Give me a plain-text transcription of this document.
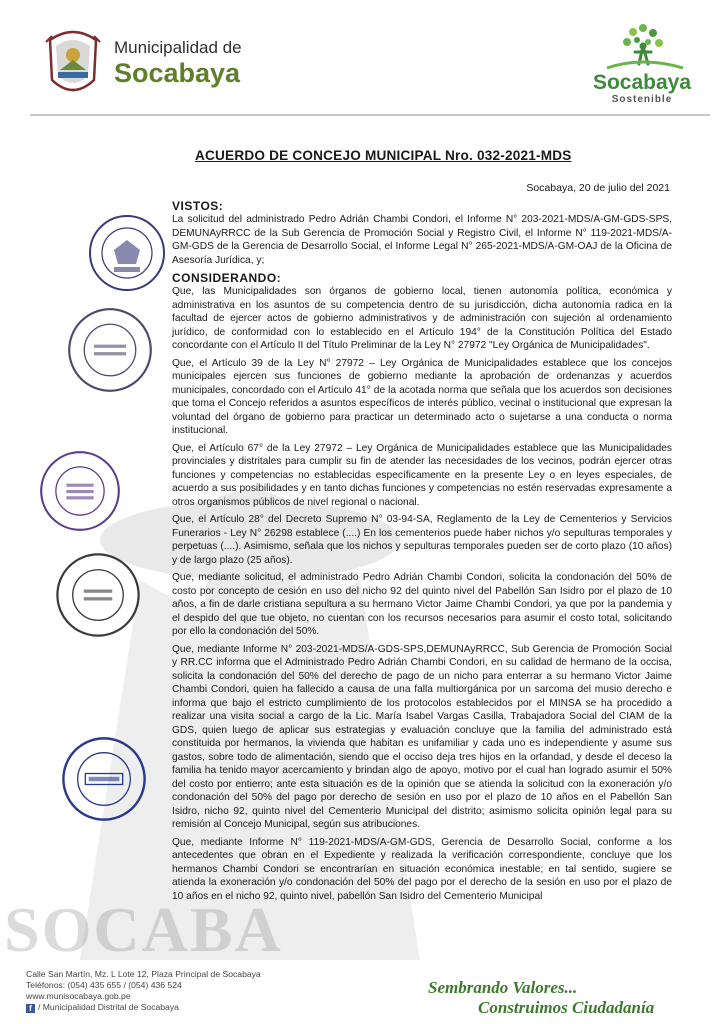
SOCABA
Municipalidad de
Socabaya	Socabaya
Sostenible
ACUERDO DE CONCEJO MUNICIPAL Nro. 032-2021-MDS
Socabaya, 20 de julio del 2021
VISTOS:

La solicitud del administrado Pedro Adrián Chambi Condori, el Informe N° 203-2021-MDS/A-GM-GDS-SPS, DEMUNAyRRCC de la Sub Gerencia de Promoción Social y Registro Civil, el Informe N° 119-2021-MDS/A-GM-GDS de la Gerencia de Desarrollo Social, el Informe Legal N° 265-2021-MDS/A-GM-OAJ de la Oficina de Asesoría Jurídica, y;

CONSIDERANDO:

Que, las Municipalidades son órganos de gobierno local, tienen autonomía política, económica y administrativa en los asuntos de su competencia dentro de su jurisdicción, dicha autonomía radica en la facultad de ejercer actos de gobierno administrativos y de administración con sujeción al ordenamiento jurídico, de conformidad con lo establecido en el Artículo 194° de la Constitución Política del Estado concordante con el Artículo II del Título Preliminar de la Ley N° 27972 "Ley Orgánica de Municipalidades".

Que, el Artículo 39 de la Ley N° 27972 – Ley Orgánica de Municipalidades establece que los concejos municipales ejercen sus funciones de gobierno mediante la aprobación de ordenanzas y acuerdos municipales, concordado con el Artículo 41° de la acotada norma que señala que los acuerdos son decisiones que toma el Concejo referidos a asuntos específicos de interés público, vecinal o institucional que expresan la voluntad del órgano de gobierno para practicar un determinado acto o sujetarse a una conducta o norma institucional.

Que, el Artículo 67° de la Ley 27972 – Ley Orgánica de Municipalidades establece que las Municipalidades provinciales y distritales para cumplir su fin de atender las necesidades de los vecinos, podrán ejercer otras funciones y competencias no establecidas específicamente en la presente Ley o en leyes especiales, de acuerdo a sus posibilidades y en tanto dichas funciones y competencias no estén reservadas expresamente a otros organismos públicos de nivel regional o nacional.

Que, el Artículo 28° del Decreto Supremo N° 03-94-SA, Reglamento de la Ley de Cementerios y Servicios Funerarios - Ley N° 26298 establece (....) En los cementerios puede haber nichos y/o sepulturas temporales y perpetuas (....). Asimismo, señala que los nichos y sepulturas temporales pueden ser de corto plazo (10 años) y de largo plazo (25 años).

Que, mediante solicitud, el administrado Pedro Adrián Chambi Condori, solicita la condonación del 50% de costo por concepto de cesión en uso del nicho 92 del quinto nivel del Pabellón San Isidro por el plazo de 10 años, a fin de darle cristiana sepultura a su hermano Victor Jaime Chambi Condori, ya que por la pandemia y el despido del que tue objeto, no cuentan con los recursos necesarios para asumir el costo total, solicitando por ello la condonación del 50%.

Que, mediante Informe N° 203-2021-MDS/A-GDS-SPS,DEMUNAyRRCC, Sub Gerencia de Promoción Social y RR.CC informa que el Administrado Pedro Adrián Chambi Condori, en su calidad de hermano de la occisa, solicita la condonación del 50% del derecho de pago de un nicho para enterrar a su hermano Victor Jaime Chambi Condori, quien ha fallecido a causa de una falla multiorgánica por un sarcoma del musio derecho e informa que bajo el estricto cumplimiento de los protocolos establecidos por el MINSA se ha procedido a realizar una visita social a cargo de la Lic. María Isabel Vargas Casilla, Trabajadora Social del CIAM de la GDS, quien luego de aplicar sus estrategias y evaluación concluye que la familia del administrado está constituida por hermanos, la vivienda que habitan es unifamiliar y cada uno es independiente y asume sus gastos, sobre todo de alimentación, siendo que el occiso deja tres hijos en la orfandad, y desde el deceso la familia ha tenido mayor acercamiento y brindan algo de apoyo, motivo por el cual han logrado asumir el 50% del costo por entierro; ante esta situación es de la opinión que se atienda la solicitud con la exoneración y/o condonación del 50% del pago por derecho de sesión en uso por el plazo de 10 años en el Pabellón San Isidro, nicho 92, quinto nivel del Cementerio Municipal del distrito; asimismo solicita opinión legal para su remisión al Concejo Municipal, según sus atribuciones.

Que, mediante Informe N° 119-2021-MDS/A-GM-GDS, Gerencia de Desarrollo Social, conforme a los antecedentes que obran en el Expediente y realizada la verificación correspondiente, concluye que los hermanos Chambi Condori se encontrarían en situación económica inestable; en tal sentido, sugiere se atienda la exoneración y/o condonación del 50% del pago por el derecho de la sesión en uso por el plazo de 10 años en el nicho 92, quinto nivel, pabellón San Isidro del Cementerio Municipal

Calle San Martín, Mz. L Lote 12, Plaza Principal de Socabaya
Teléfonos: (054) 435 655 / (054) 436 524
www.munisocabaya.gob.pe
f / Municipalidad Distrital de Socabaya
Sembrando Valores...
Construimos Ciudadanía
